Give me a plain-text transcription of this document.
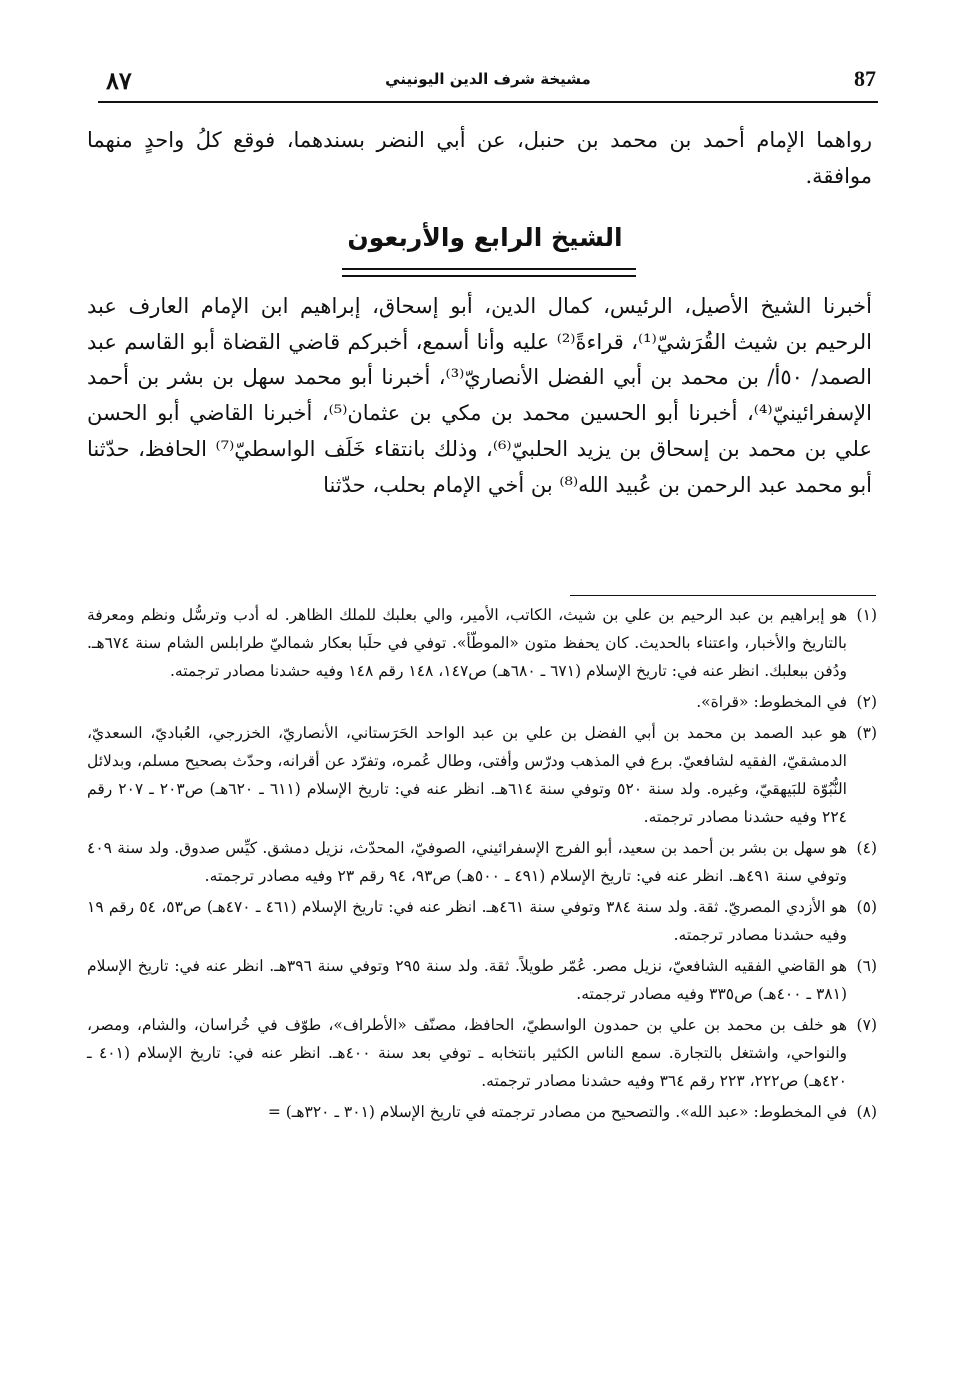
٨٧	مشيخة شرف الدين اليونيني	87
رواهما الإمام أحمد بن محمد بن حنبل، عن أبي النضر بسندهما، فوقع كلُ واحدٍ منهما موافقة.
الشيخ الرابع والأربعون
أخبرنا الشيخ الأصيل، الرئيس، كمال الدين، أبو إسحاق، إبراهيم ابن الإمام العارف عبد الرحيم بن شيث القُرَشيّ⁽¹⁾، قراءةً⁽²⁾ عليه وأنا أسمع، أخبركم قاضي القضاة أبو القاسم عبد الصمد/ ٥٠أ/ بن محمد بن أبي الفضل الأنصاريّ⁽³⁾، أخبرنا أبو محمد سهل بن بشر بن أحمد الإسفرائينيّ⁽⁴⁾، أخبرنا أبو الحسين محمد بن مكي بن عثمان⁽⁵⁾، أخبرنا القاضي أبو الحسن علي بن محمد بن إسحاق بن يزيد الحلبيّ⁽⁶⁾، وذلك بانتقاء خَلَف الواسطيّ⁽⁷⁾ الحافظ، حدّثنا أبو محمد عبد الرحمن بن عُبيد الله⁽⁸⁾ بن أخي الإمام بحلب، حدّثنا
(١)
هو إبراهيم بن عبد الرحيم بن علي بن شيث، الكاتب، الأمير، والي بعلبك للملك الظاهر. له أدب وترسُّل ونظم ومعرفة بالتاريخ والأخبار، واعتناء بالحديث. كان يحفظ متون «الموطّأ». توفي في حلَبا بعكار شماليّ طرابلس الشام سنة ٦٧٤هـ. ودُفن ببعلبك. انظر عنه في: تاريخ الإسلام (٦٧١ ـ ٦٨٠هـ) ص١٤٧، ١٤٨ رقم ١٤٨ وفيه حشدنا مصادر ترجمته.
(٢)
في المخطوط: «قراة».
(٣)
هو عبد الصمد بن محمد بن أبي الفضل بن علي بن عبد الواحد الحَرَستاني، الأنصاريّ، الخزرجي، العُباديّ، السعديّ، الدمشقيّ، الفقيه لشافعيّ. برع في المذهب ودرّس وأفتى، وطال عُمره، وتفرّد عن أقرانه، وحدّث بصحيح مسلم، وبدلائل النُّبُوّة للبَيهقيّ، وغيره. ولد سنة ٥٢٠ وتوفي سنة ٦١٤هـ. انظر عنه في: تاريخ الإسلام (٦١١ ـ ٦٢٠هـ) ص٢٠٣ ـ ٢٠٧ رقم ٢٢٤ وفيه حشدنا مصادر ترجمته.
(٤)
هو سهل بن بشر بن أحمد بن سعيد، أبو الفرج الإسفرائيني، الصوفيّ، المحدّث، نزيل دمشق. كيِّس صدوق. ولد سنة ٤٠٩ وتوفي سنة ٤٩١هـ. انظر عنه في: تاريخ الإسلام (٤٩١ ـ ٥٠٠هـ) ص٩٣، ٩٤ رقم ٢٣ وفيه مصادر ترجمته.
(٥)
هو الأزدي المصريّ. ثقة. ولد سنة ٣٨٤ وتوفي سنة ٤٦١هـ. انظر عنه في: تاريخ الإسلام (٤٦١ ـ ٤٧٠هـ) ص٥٣، ٥٤ رقم ١٩ وفيه حشدنا مصادر ترجمته.
(٦)
هو القاضي الفقيه الشافعيّ، نزيل مصر. عُمّر طويلاً. ثقة. ولد سنة ٢٩٥ وتوفي سنة ٣٩٦هـ. انظر عنه في: تاريخ الإسلام (٣٨١ ـ ٤٠٠هـ) ص٣٣٥ وفيه مصادر ترجمته.
(٧)
هو خلف بن محمد بن علي بن حمدون الواسطيّ، الحافظ، مصنّف «الأطراف»، طوّف في خُراسان، والشام، ومصر، والنواحي، واشتغل بالتجارة. سمع الناس الكثير بانتخابه ـ توفي بعد سنة ٤٠٠هـ. انظر عنه في: تاريخ الإسلام (٤٠١ ـ ٤٢٠هـ) ص٢٢٢، ٢٢٣ رقم ٣٦٤ وفيه حشدنا مصادر ترجمته.
(٨)
في المخطوط: «عبد الله». والتصحيح من مصادر ترجمته في تاريخ الإسلام (٣٠١ ـ ٣٢٠هـ) =
